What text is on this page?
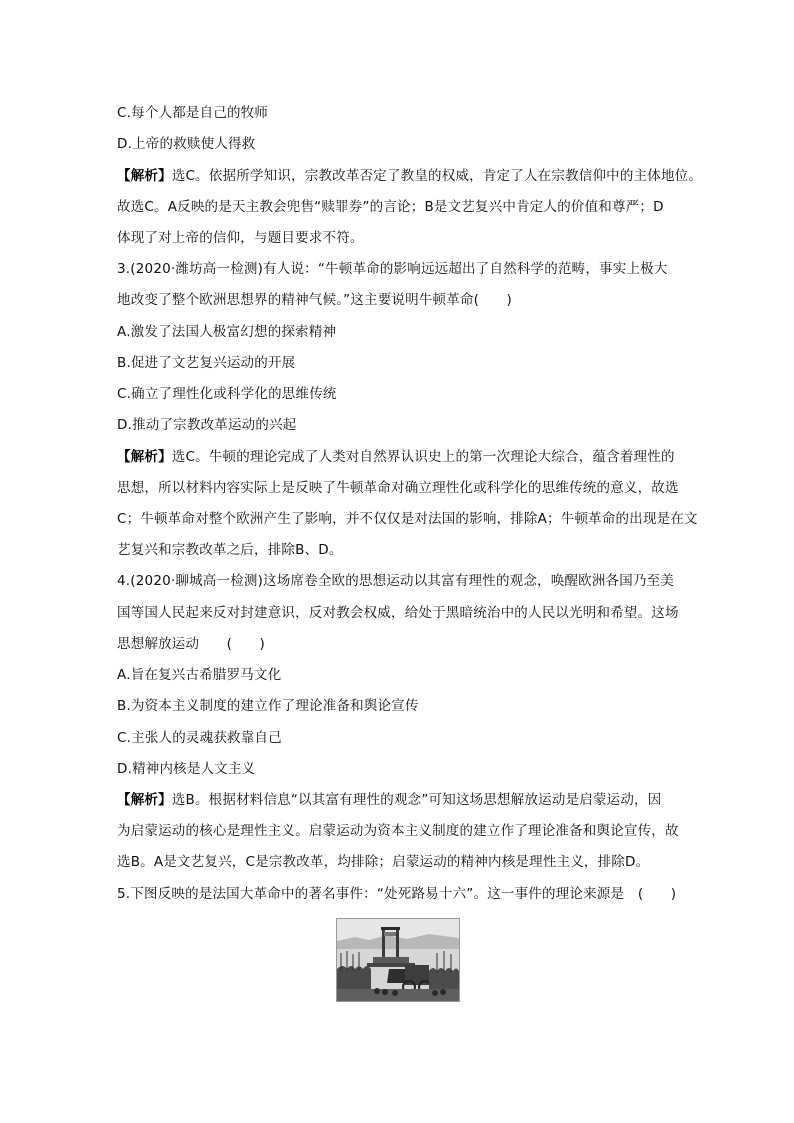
C.每个人都是自己的牧师
D.上帝的救赎使人得救
【解析】选C。依据所学知识，宗教改革否定了教皇的权威，肯定了人在宗教信仰中的主体地位。
故选C。A反映的是天主教会兜售“赎罪券”的言论；B是文艺复兴中肯定人的价值和尊严；D
体现了对上帝的信仰，与题目要求不符。
3.(2020·潍坊高一检测)有人说：“牛顿革命的影响远远超出了自然科学的范畴，事实上极大
地改变了整个欧洲思想界的精神气候。”这主要说明牛顿革命(　　)
A.激发了法国人极富幻想的探索精神
B.促进了文艺复兴运动的开展
C.确立了理性化或科学化的思维传统
D.推动了宗教改革运动的兴起
【解析】选C。牛顿的理论完成了人类对自然界认识史上的第一次理论大综合，蕴含着理性的
思想，所以材料内容实际上是反映了牛顿革命对确立理性化或科学化的思维传统的意义，故选
C；牛顿革命对整个欧洲产生了影响，并不仅仅是对法国的影响，排除A；牛顿革命的出现是在文
艺复兴和宗教改革之后，排除B、D。
4.(2020·聊城高一检测)这场席卷全欧的思想运动以其富有理性的观念，唤醒欧洲各国乃至美
国等国人民起来反对封建意识，反对教会权威，给处于黑暗统治中的人民以光明和希望。这场
思想解放运动　　(　　)
A.旨在复兴古希腊罗马文化
B.为资本主义制度的建立作了理论准备和舆论宣传
C.主张人的灵魂获救靠自己
D.精神内核是人文主义
【解析】选B。根据材料信息“以其富有理性的观念”可知这场思想解放运动是启蒙运动，因
为启蒙运动的核心是理性主义。启蒙运动为资本主义制度的建立作了理论准备和舆论宣传，故
选B。A是文艺复兴，C是宗教改革，均排除；启蒙运动的精神内核是理性主义，排除D。
5.下图反映的是法国大革命中的著名事件：“处死路易十六”。这一事件的理论来源是　(　　)
